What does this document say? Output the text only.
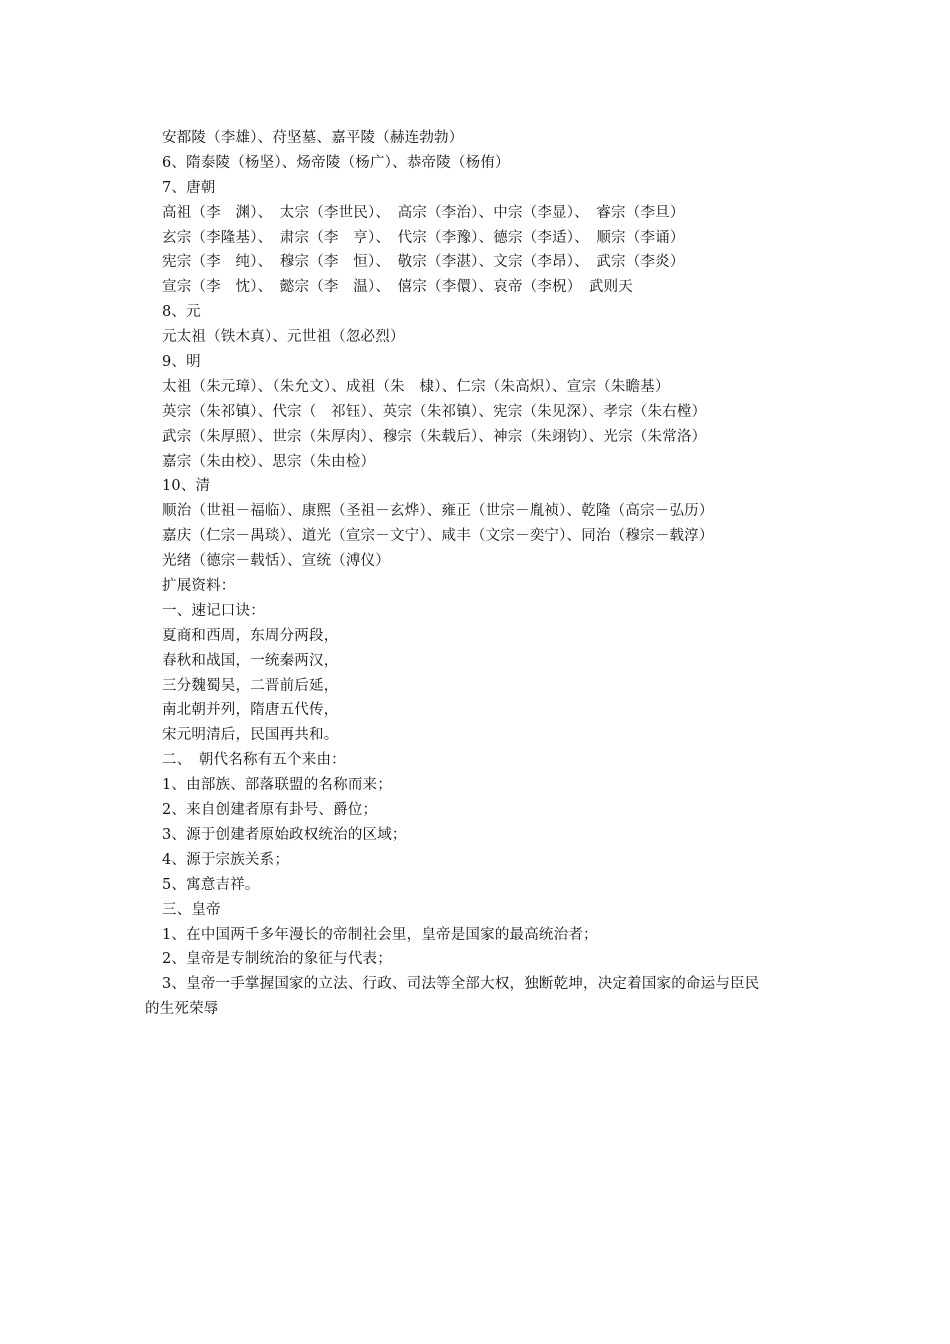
安都陵（李雄）、苻坚墓、嘉平陵（赫连勃勃）
6、隋泰陵（杨坚）、炀帝陵（杨广）、恭帝陵（杨侑）
7、唐朝
高祖（李　渊）、　太宗（李世民）、　高宗（李治）、中宗（李显）、　睿宗（李旦）
玄宗（李隆基）、　肃宗（李　亨）、　代宗（李豫）、德宗（李适）、　顺宗（李诵）
宪宗（李　纯）、　穆宗（李　恒）、　敬宗（李湛）、文宗（李昂）、　武宗（李炎）
宣宗（李　忱）、　懿宗（李　温）、　僖宗（李儇）、哀帝（李柷）　武则天
8、元
元太祖（铁木真）、元世祖（忽必烈）
9、明
太祖（朱元璋）、（朱允文）、成祖（朱　棣）、仁宗（朱高炽）、宣宗（朱瞻基）
英宗（朱祁镇）、代宗（　祁钰）、英宗（朱祁镇）、宪宗（朱见深）、孝宗（朱右樘）
武宗（朱厚照）、世宗（朱厚肉）、穆宗（朱载后）、神宗（朱翊钧）、光宗（朱常洛）
嘉宗（朱由校）、思宗（朱由检）
10、清
顺治（世祖－福临）、康熙（圣祖－玄烨）、雍正（世宗－胤祯）、乾隆（高宗－弘历）
嘉庆（仁宗－禺琰）、道光（宣宗－文宁）、咸丰（文宗－奕宁）、同治（穆宗－载淳）
光绪（德宗－载恬）、宣统（溥仪）
扩展资料：
一、速记口诀：
夏商和西周，东周分两段，
春秋和战国，一统秦两汉，
三分魏蜀吴，二晋前后延，
南北朝并列，隋唐五代传，
宋元明清后，民国再共和。
二、　朝代名称有五个来由：
1、由部族、部落联盟的名称而来；
2、来自创建者原有卦号、爵位；
3、源于创建者原始政权统治的区域；
4、源于宗族关系；
5、寓意吉祥。
三、皇帝
1、在中国两千多年漫长的帝制社会里，皇帝是国家的最高统治者；
2、皇帝是专制统治的象征与代表；
3、皇帝一手掌握国家的立法、行政、司法等全部大权，独断乾坤，决定着国家的命运与臣民
的生死荣辱
